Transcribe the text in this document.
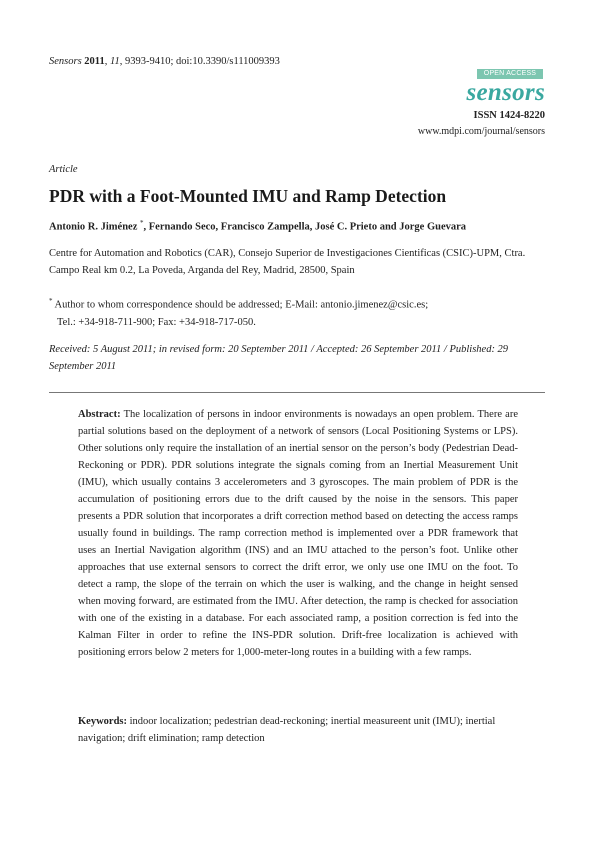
Sensors 2011, 11, 9393-9410; doi:10.3390/s111009393
OPEN ACCESS
sensors
ISSN 1424-8220
www.mdpi.com/journal/sensors
Article
PDR with a Foot-Mounted IMU and Ramp Detection
Antonio R. Jiménez *, Fernando Seco, Francisco Zampella, José C. Prieto and Jorge Guevara
Centre for Automation and Robotics (CAR), Consejo Superior de Investigaciones Cientificas (CSIC)-UPM, Ctra. Campo Real km 0.2, La Poveda, Arganda del Rey, Madrid, 28500, Spain
* Author to whom correspondence should be addressed; E-Mail: antonio.jimenez@csic.es;
Tel.: +34-918-711-900; Fax: +34-918-717-050.
Received: 5 August 2011; in revised form: 20 September 2011 / Accepted: 26 September 2011 / Published: 29 September 2011
Abstract: The localization of persons in indoor environments is nowadays an open problem. There are partial solutions based on the deployment of a network of sensors (Local Positioning Systems or LPS). Other solutions only require the installation of an inertial sensor on the person’s body (Pedestrian Dead-Reckoning or PDR). PDR solutions integrate the signals coming from an Inertial Measurement Unit (IMU), which usually contains 3 accelerometers and 3 gyroscopes. The main problem of PDR is the accumulation of positioning errors due to the drift caused by the noise in the sensors. This paper presents a PDR solution that incorporates a drift correction method based on detecting the access ramps usually found in buildings. The ramp correction method is implemented over a PDR framework that uses an Inertial Navigation algorithm (INS) and an IMU attached to the person’s foot. Unlike other approaches that use external sensors to correct the drift error, we only use one IMU on the foot. To detect a ramp, the slope of the terrain on which the user is walking, and the change in height sensed when moving forward, are estimated from the IMU. After detection, the ramp is checked for association with one of the existing in a database. For each associated ramp, a position correction is fed into the Kalman Filter in order to refine the INS-PDR solution. Drift-free localization is achieved with positioning errors below 2 meters for 1,000-meter-long routes in a building with a few ramps.
Keywords: indoor localization; pedestrian dead-reckoning; inertial measureent unit (IMU); inertial navigation; drift elimination; ramp detection
